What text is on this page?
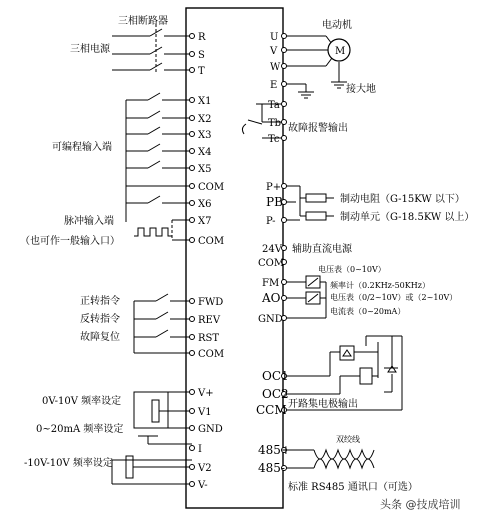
三相断路器
三相电源
R
S
T
可编程输入端
X1
X2
X3
X4
X5
COM
X6
脉冲输入端
（也可作一般输入口）
X7
COM
正转指令
反转指令
故障复位
FWD
REV
RST
COM
0V-10V 频率设定
0~20mA 频率设定
-10V-10V 频率设定
V+
V1
GND
I
V2
V-
电动机
M
U
V
W
E	接大地
Ta
Tb
Tc
故障报警输出
P+
PB
P-
制动电阻（G-15KW 以下）
制动单元（G-18.5KW 以上）
24V
COM
辅助直流电源
FM
AO
GND
电压表（0~10V）
频率计（0.2KHz-50KHz）
电压表（0/2~10V）或（2~10V）
电流表（0~20mA）
OC1
OC2
CCM 开路集电极输出
485+
485-
双绞线
标准 RS485 通讯口（可选）
头条 @技成培训
